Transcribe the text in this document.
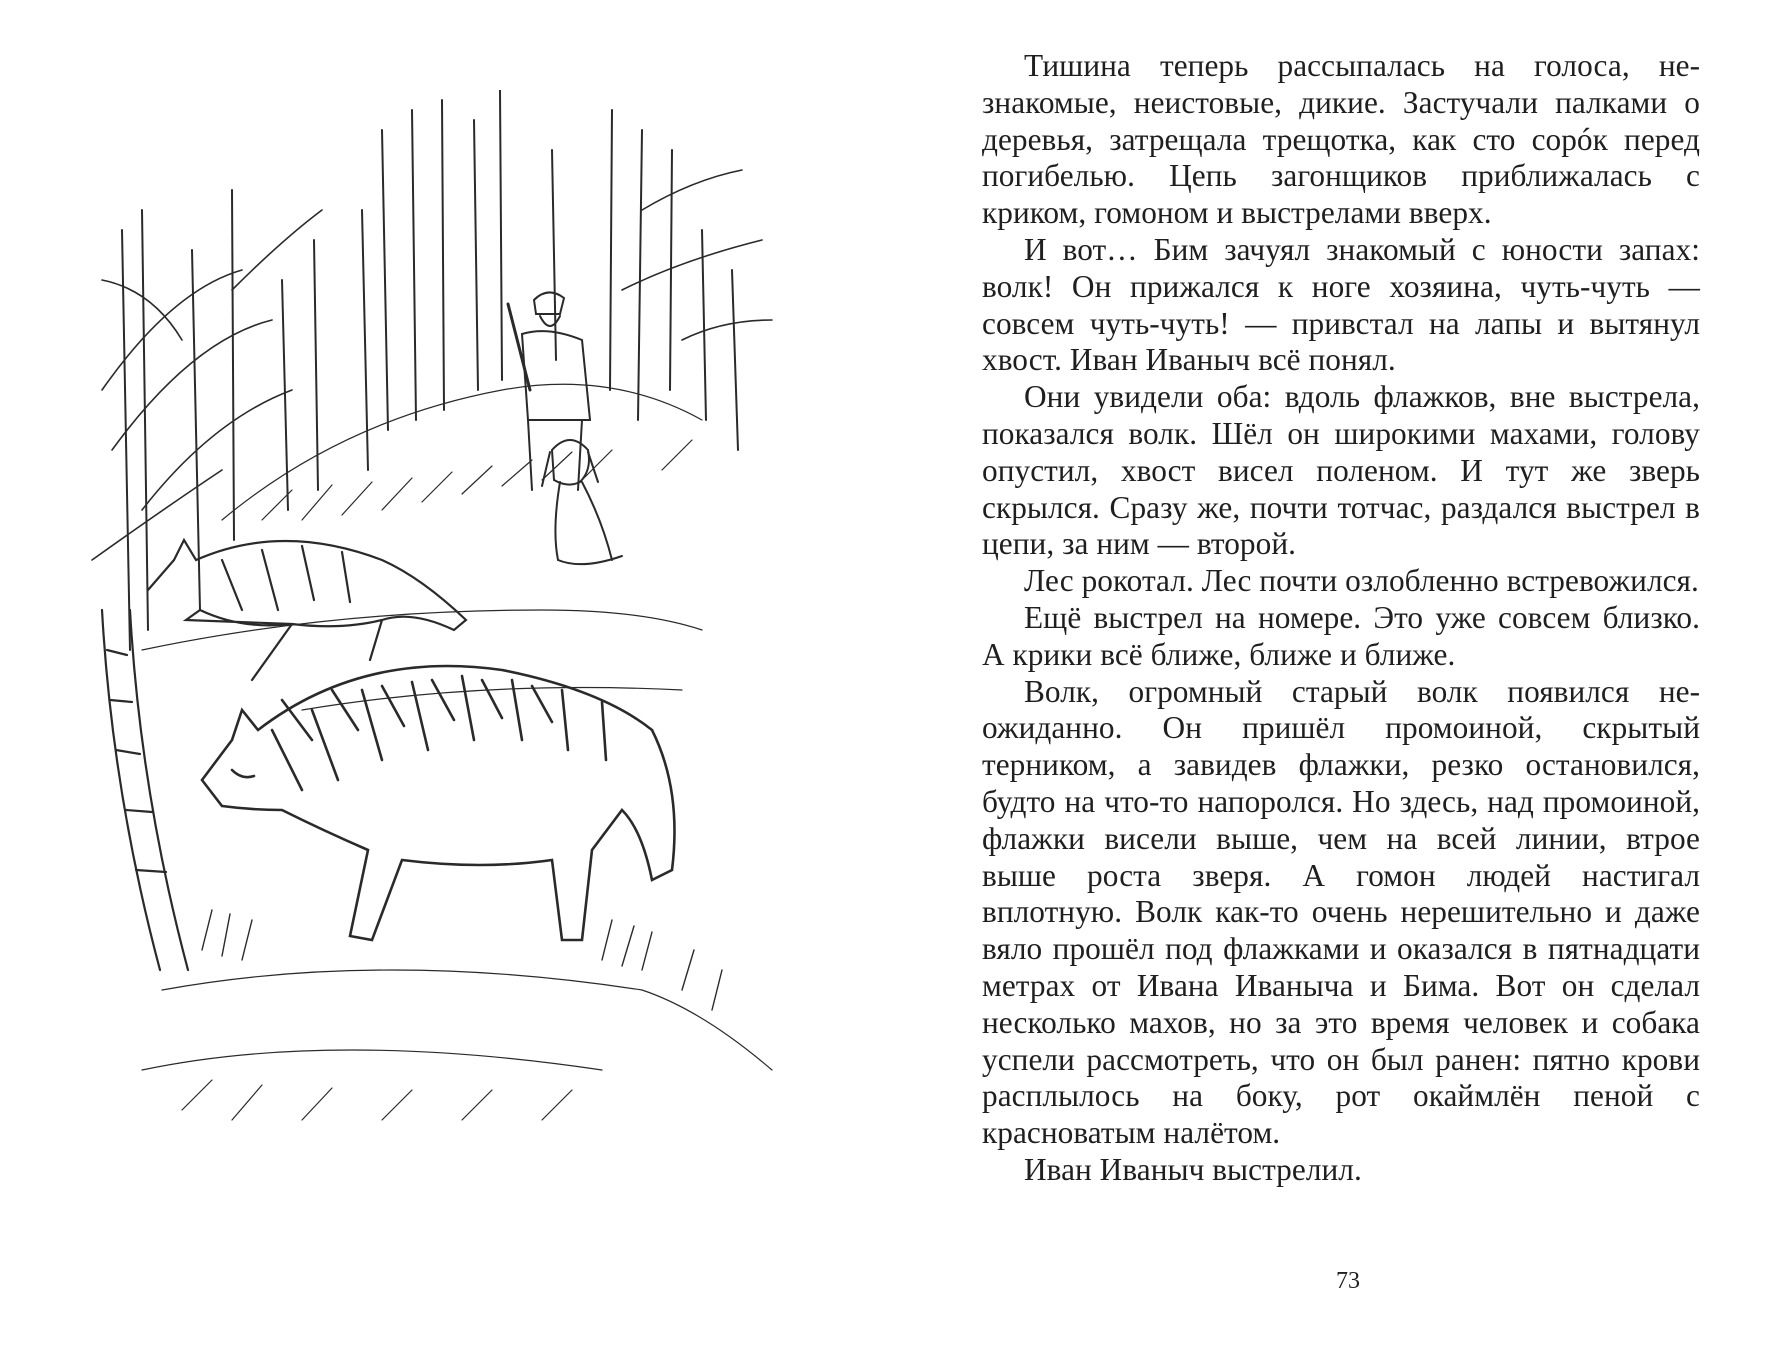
Тишина теперь рассыпалась на голоса, незнакомые, неистовые, дикие. Застучали палками о деревья, затрещала трещотка, как сто сорóк перед погибелью. Цепь загонщиков приближалась с криком, гомоном и выстрелами вверх.

И вот… Бим зачуял знакомый с юности запах: волк! Он прижался к ноге хозяина, чуть-чуть — совсем чуть-чуть! — привстал на лапы и вытянул хвост. Иван Иваныч всё понял.

Они увидели оба: вдоль флажков, вне выстрела, показался волк. Шёл он широкими махами, голову опустил, хвост висел поленом. И тут же зверь скрылся. Сразу же, почти тотчас, раздался выстрел в цепи, за ним — второй.

Лес рокотал. Лес почти озлобленно встревожился.

Ещё выстрел на номере. Это уже совсем близко. А крики всё ближе, ближе и ближе.

Волк, огромный старый волк появился неожиданно. Он пришёл промоиной, скрытый терником, а завидев флажки, резко остановился, будто на что-то напоролся. Но здесь, над промоиной, флажки висели выше, чем на всей линии, втрое выше роста зверя. А гомон людей настигал вплотную. Волк как-то очень нерешительно и даже вяло прошёл под флажками и оказался в пятнадцати метрах от Ивана Иваныча и Бима. Вот он сделал несколько махов, но за это время человек и собака успели рассмотреть, что он был ранен: пятно крови расплылось на боку, рот окаймлён пеной с красноватым налётом.

Иван Иваныч выстрелил.

73
